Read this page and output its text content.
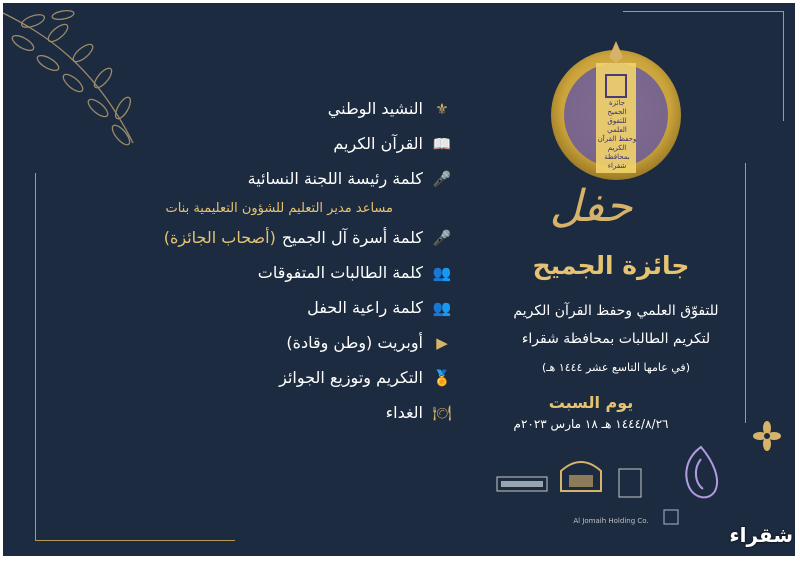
⚜
النشيد الوطني
📖
القرآن الكريم
🎤
كلمة رئيسة اللجنة النسائية
مساعد مدير التعليم للشؤون التعليمية بنات
🎤
كلمة أسرة آل الجميح
(أصحاب الجائزة)
👥
كلمة الطالبات المتفوقات
👥
كلمة راعية الحفل
▶
أوبريت (وطن وقادة)
🏅
التكريم وتوزيع الجوائز
🍽
الغداء
جائزة
الجميح
للتفوق
العلمي
وحفظ القرآن الكريم
بمحافظة شقراء
حفل
جائزة الجميح
للتفوّق العلمي وحفظ القرآن الكريم
لتكريم الطالبات بمحافظة شقراء
(في عامها التاسع عشر ١٤٤٤ هـ)
يوم السبت
١٤٤٤/٨/٢٦ هـ ١٨ مارس ٢٠٢٣م
Al Jomaih Holding Co.
شقراء
